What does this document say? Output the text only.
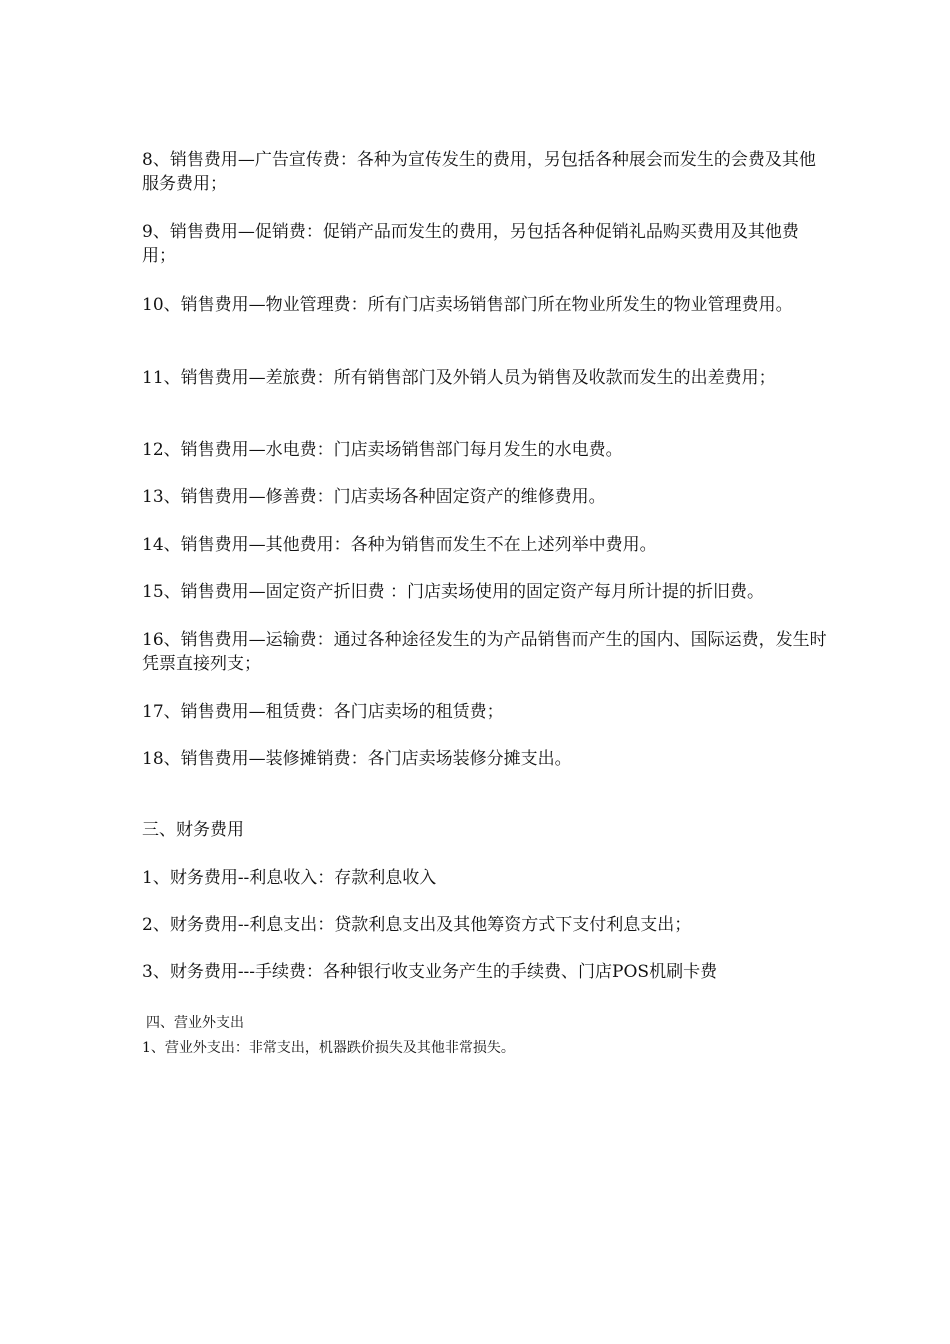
8、销售费用—广告宣传费：各种为宣传发生的费用，另包括各种展会而发生的会费及其他服务费用；
9、销售费用—促销费：促销产品而发生的费用，另包括各种促销礼品购买费用及其他费用；
10、销售费用—物业管理费：所有门店卖场销售部门所在物业所发生的物业管理费用。
11、销售费用—差旅费：所有销售部门及外销人员为销售及收款而发生的出差费用；
12、销售费用—水电费：门店卖场销售部门每月发生的水电费。
13、销售费用—修善费：门店卖场各种固定资产的维修费用。
14、销售费用—其他费用：各种为销售而发生不在上述列举中费用。
15、销售费用—固定资产折旧费 ：门店卖场使用的固定资产每月所计提的折旧费。
16、销售费用—运输费：通过各种途径发生的为产品销售而产生的国内、国际运费，发生时凭票直接列支；
17、销售费用—租赁费：各门店卖场的租赁费；
18、销售费用—装修摊销费：各门店卖场装修分摊支出。
三、财务费用
1、财务费用--利息收入：存款利息收入
2、财务费用--利息支出：贷款利息支出及其他筹资方式下支付利息支出；
3、财务费用---手续费：各种银行收支业务产生的手续费、门店POS机刷卡费
四、营业外支出
1、营业外支出：非常支出，机器跌价损失及其他非常损失。
